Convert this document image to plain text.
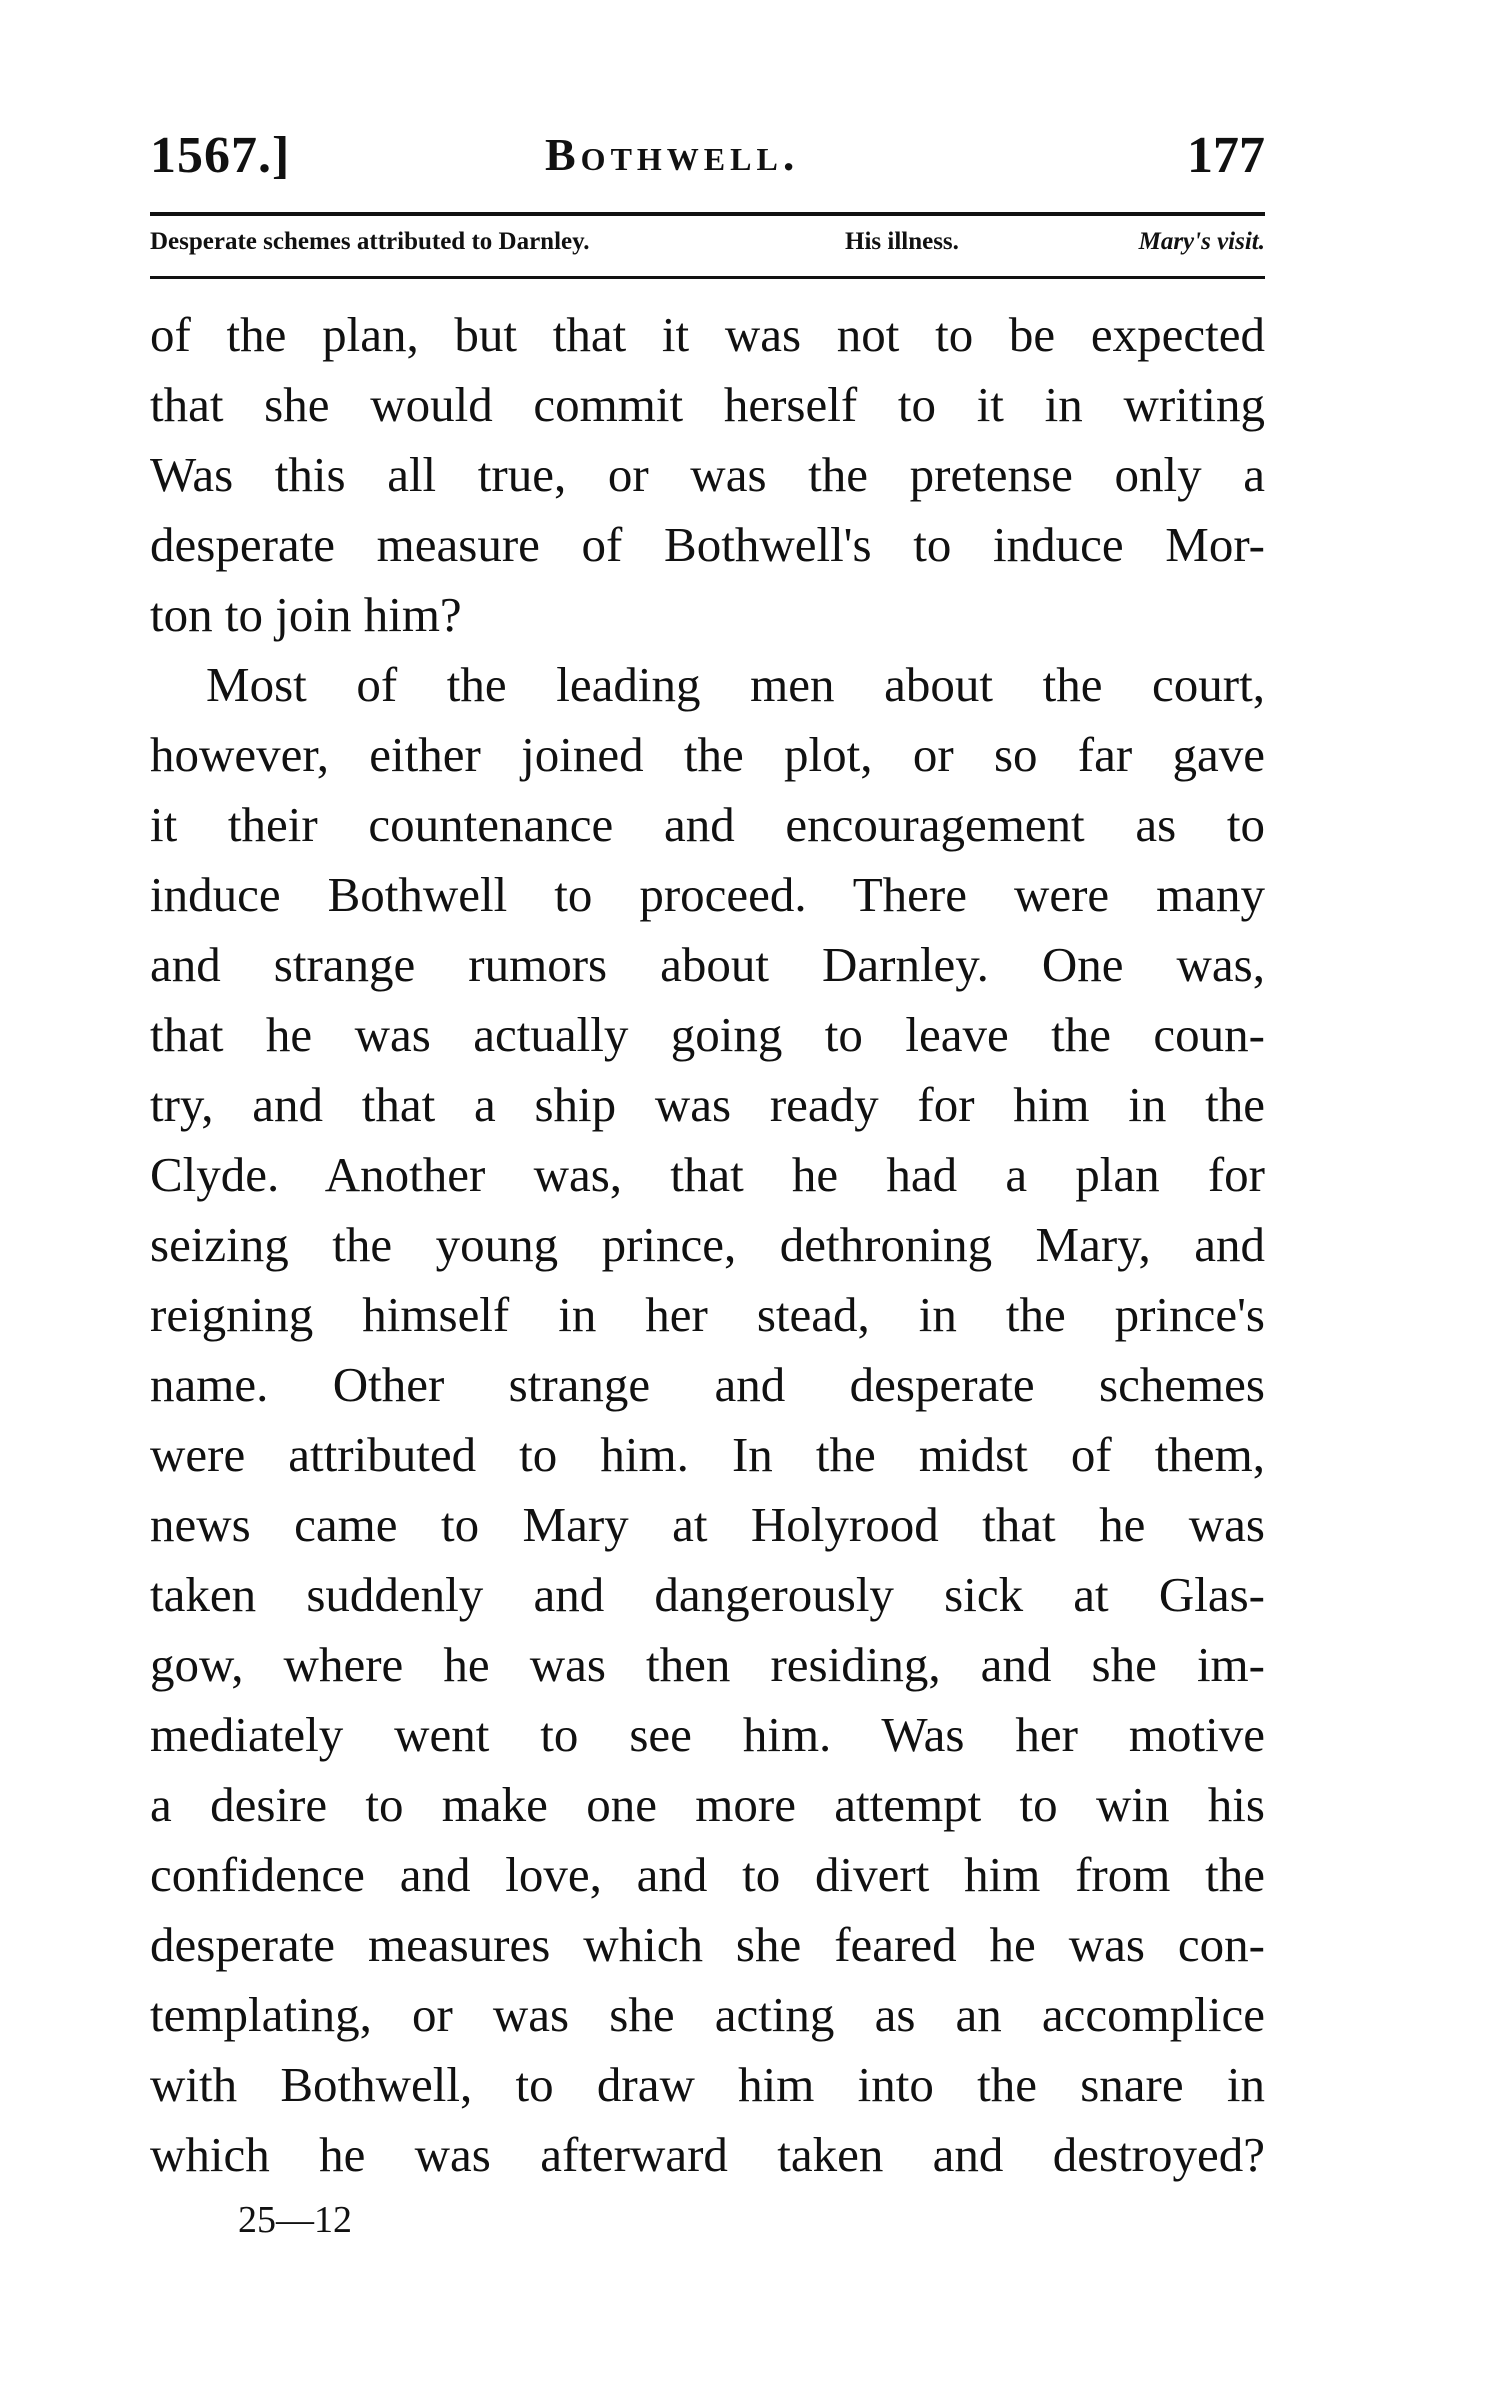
1567.]	Bothwell.	177
Desperate schemes attributed to Darnley.	His illness.	Mary's visit.
of the plan, but that it was not to be expected
that she would commit herself to it in writing
Was this all true, or was the pretense only a
desperate measure of Bothwell's to induce Mor-
ton to join him?
Most of the leading men about the court,
however, either joined the plot, or so far gave
it their countenance and encouragement as to
induce Bothwell to proceed. There were many
and strange rumors about Darnley. One was,
that he was actually going to leave the coun-
try, and that a ship was ready for him in the
Clyde. Another was, that he had a plan for
seizing the young prince, dethroning Mary, and
reigning himself in her stead, in the prince's
name. Other strange and desperate schemes
were attributed to him. In the midst of them,
news came to Mary at Holyrood that he was
taken suddenly and dangerously sick at Glas-
gow, where he was then residing, and she im-
mediately went to see him. Was her motive
a desire to make one more attempt to win his
confidence and love, and to divert him from the
desperate measures which she feared he was con-
templating, or was she acting as an accomplice
with Bothwell, to draw him into the snare in
which he was afterward taken and destroyed?
25—12
